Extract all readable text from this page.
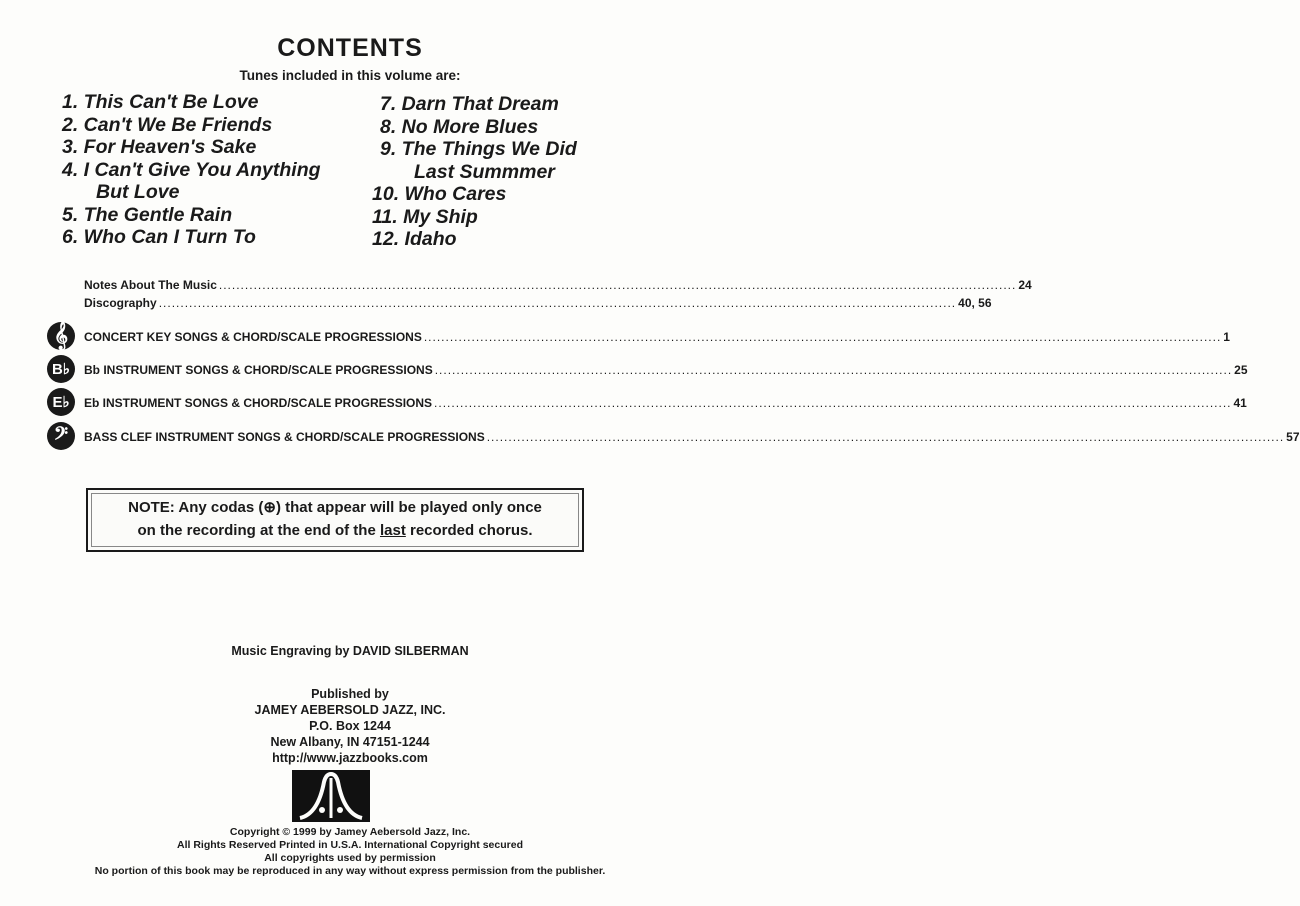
CONTENTS
Tunes included in this volume are:
1. This Can't Be Love
2. Can't We Be Friends
3. For Heaven's Sake
4. I Can't Give You Anything
But Love
5. The Gentle Rain
6. Who Can I Turn To
7. Darn That Dream
8. No More Blues
9. The Things We Did
Last Summmer
10. Who Cares
11. My Ship
12. Idaho
Notes About The Music ........................................................................................................................................................................................ 24
Discography ........................................................................................................................................................................................ 40, 56
𝄞	CONCERT KEY SONGS & CHORD/SCALE PROGRESSIONS ........................................................................................................................................................................................ 1
B♭	Bb INSTRUMENT SONGS & CHORD/SCALE PROGRESSIONS ........................................................................................................................................................................................ 25
E♭	Eb INSTRUMENT SONGS & CHORD/SCALE PROGRESSIONS ........................................................................................................................................................................................ 41
𝄢	BASS CLEF INSTRUMENT SONGS & CHORD/SCALE PROGRESSIONS ........................................................................................................................................................................................ 57
NOTE: Any codas (⊕) that appear will be played only once
on the recording at the end of the last recorded chorus.
Music Engraving by DAVID SILBERMAN
Published by
JAMEY AEBERSOLD JAZZ, INC.
P.O. Box 1244
New Albany, IN 47151-1244
http://www.jazzbooks.com
Copyright © 1999 by Jamey Aebersold Jazz, Inc.
All Rights Reserved Printed in U.S.A. International Copyright secured
All copyrights used by permission
No portion of this book may be reproduced in any way without express permission from the publisher.
